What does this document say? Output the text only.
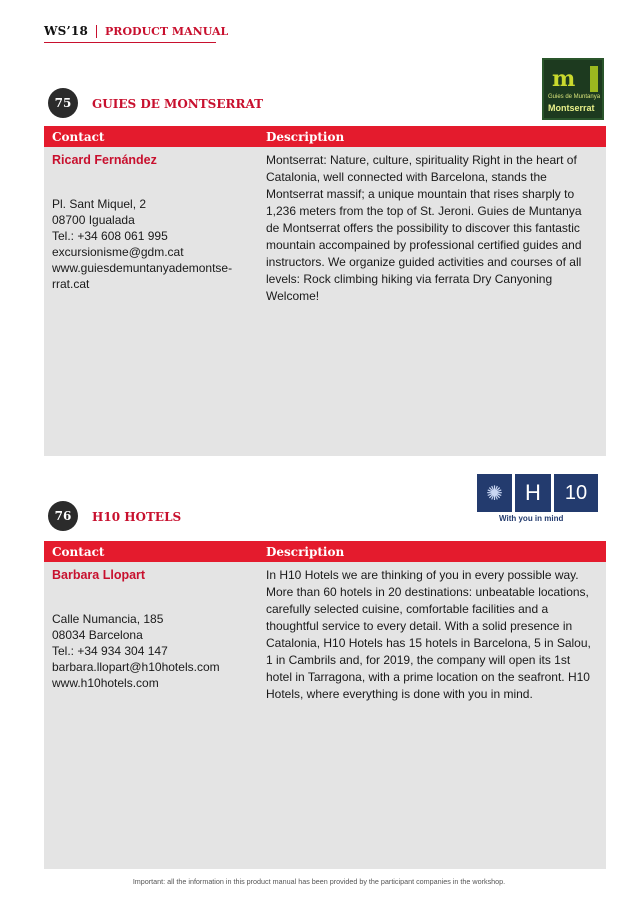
WS’18 PRODUCT MANUAL
m
Guies de Muntanya
Montserrat
75	GUIES DE MONTSERRAT
Contact	Description
Ricard Fernández
Pl. Sant Miquel, 2
08700 Igualada
Tel.: +34 608 061 995
excursionisme@gdm.cat
www.guiesdemuntanyademontse-
rrat.cat
Montserrat: Nature, culture, spirituality Right in the heart of Catalonia, well connected with Barcelona, stands the Montserrat massif; a unique mountain that rises sharply to 1,236 meters from the top of St. Jeroni. Guies de Muntanya de Montserrat offers the possibility to discover this fantastic mountain accompained by professional certified guides and instructors. We organize guided activities and courses of all levels: Rock climbing hiking via ferrata Dry Canyoning Welcome!
✺	H	10
With you in mind
76	H10 HOTELS
Contact	Description
Barbara Llopart
Calle Numancia, 185
08034 Barcelona
Tel.: +34 934 304 147
barbara.llopart@h10hotels.com
www.h10hotels.com
In H10 Hotels we are thinking of you in every possible way. More than 60 hotels in 20 destinations: unbeatable locations, carefully selected cuisine, comfortable facilities and a thoughtful service to every detail. With a solid presence in Catalonia, H10 Hotels has 15 hotels in Barcelona, 5 in Salou, 1 in Cambrils and, for 2019, the company will open its 1st hotel in Tarragona, with a prime location on the seafront. H10 Hotels, where everything is done with you in mind.
Important: all the information in this product manual has been provided by the participant companies in the workshop.
